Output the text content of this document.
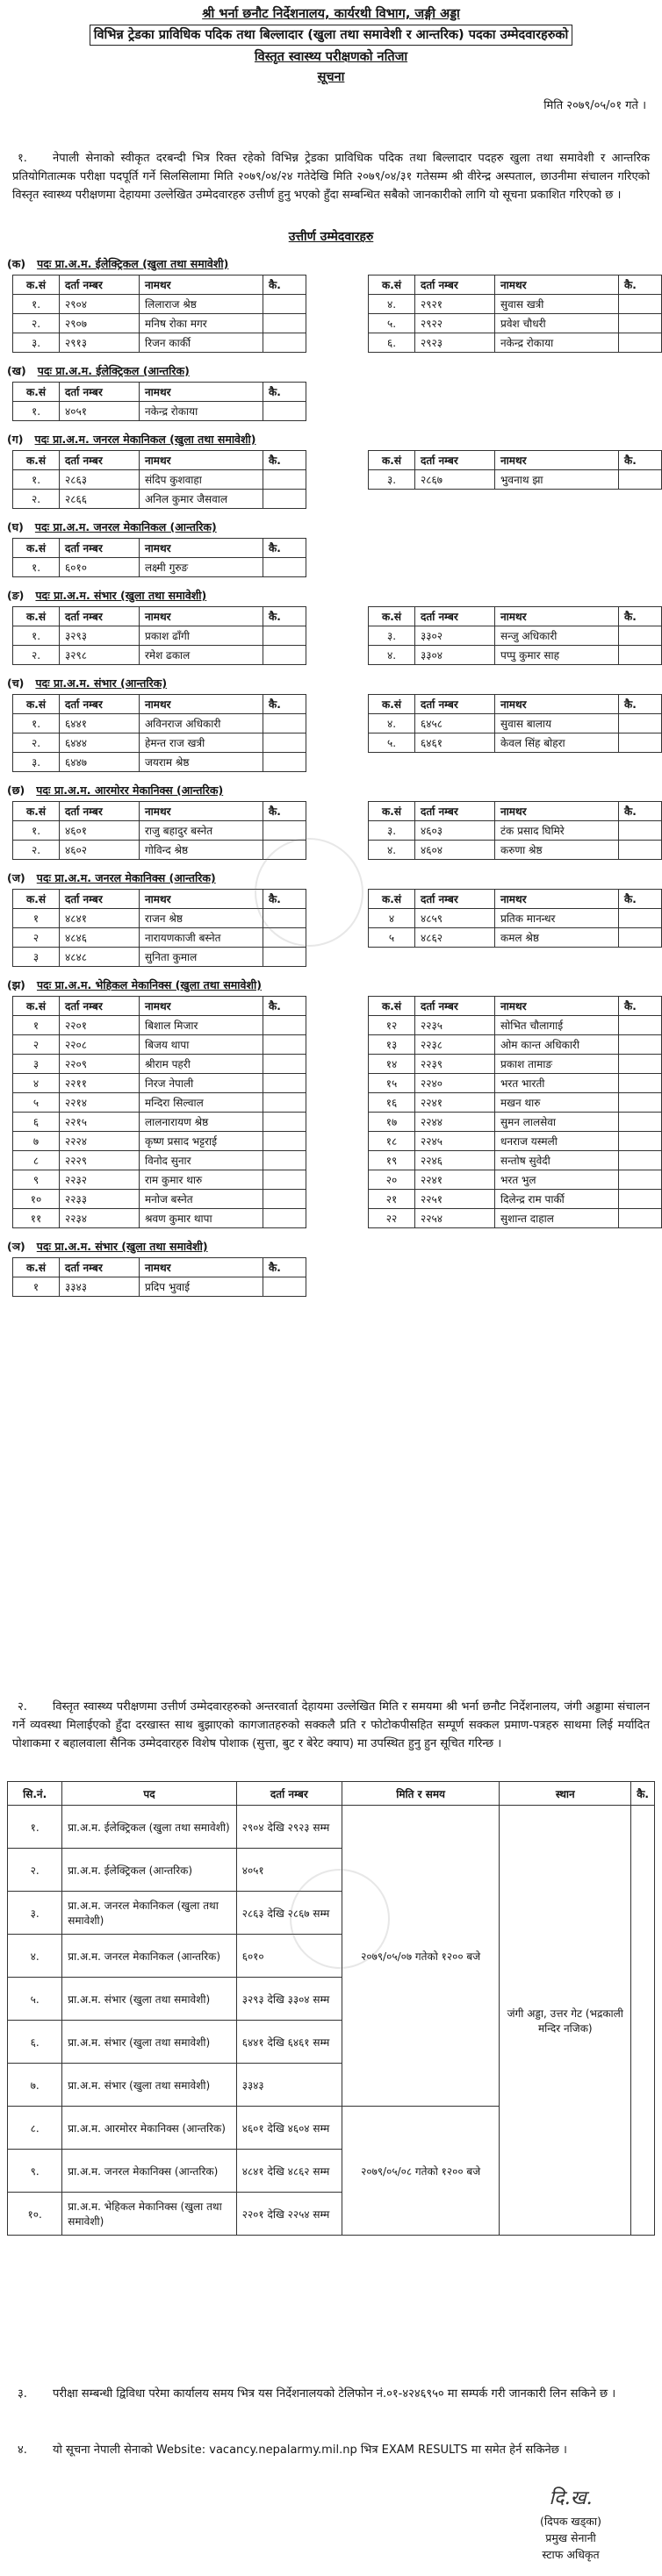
श्री भर्ना छनौट निर्देशनालय, कार्यरथी विभाग, जङ्गी अड्डा
विभिन्न ट्रेडका प्राविधिक पदिक तथा बिल्लादार (खुला तथा समावेशी र आन्तरिक) पदका उम्मेदवारहरुको
विस्तृत स्वास्थ्य परीक्षणको नतिजा
सूचना
मिति २०७९/०५/०१ गते ।

१. नेपाली सेनाको स्वीकृत दरबन्दी भित्र रिक्त रहेको विभिन्न ट्रेडका प्राविधिक पदिक तथा बिल्लादार पदहरु खुला तथा समावेशी र आन्तरिक प्रतियोगितात्मक परीक्षा पदपूर्ति गर्ने सिलसिलामा मिति २०७९/०४/२४ गतेदेखि मिति २०७९/०४/३१ गतेसम्म श्री वीरेन्द्र अस्पताल, छाउनीमा संचालन गरिएको विस्तृत स्वास्थ्य परीक्षणमा देहायमा उल्लेखित उम्मेदवारहरु उत्तीर्ण हुनु भएको हुँदा सम्बन्धित सबैको जानकारीको लागि यो सूचना प्रकाशित गरिएको छ ।

उत्तीर्ण उम्मेदवारहरु
(क) पदः प्रा.अ.म. ईलेक्ट्रिकल (खुला तथा समावेशी)
क.सं	दर्ता नम्बर	नामथर	कै.
१.	२९०४	लिलाराज श्रेष्ठ	
२.	२९०७	मनिष रोका मगर	
३.	२९१३	रिजन कार्की	
क.सं	दर्ता नम्बर	नामथर	कै.
४.	२९२१	सुवास खत्री	
५.	२९२२	प्रवेश चौधरी	
६.	२९२३	नकेन्द्र रोकाया	
(ख) पदः प्रा.अ.म. ईलेक्ट्रिकल (आन्तरिक)
क.सं	दर्ता नम्बर	नामथर	कै.
१.	४०५१	नकेन्द्र रोकाया	
(ग) पदः प्रा.अ.म. जनरल मेकानिकल (खुला तथा समावेशी)
क.सं	दर्ता नम्बर	नामथर	कै.
१.	२८६३	संदिप कुशवाहा	
२.	२८६६	अनिल कुमार जैसवाल	
क.सं	दर्ता नम्बर	नामथर	कै.
३.	२८६७	भुवनाथ झा	
(घ) पदः प्रा.अ.म. जनरल मेकानिकल (आन्तरिक)
क.सं	दर्ता नम्बर	नामथर	कै.
१.	६०१०	लक्ष्मी गुरुङ	
(ङ) पदः प्रा.अ.म. संभार (खुला तथा समावेशी)
क.सं	दर्ता नम्बर	नामथर	कै.
१.	३२९३	प्रकाश ढाँगी	
२.	३२९८	रमेश ढकाल	
क.सं	दर्ता नम्बर	नामथर	कै.
३.	३३०२	सन्जु अधिकारी	
४.	३३०४	पप्पु कुमार साह	
(च) पदः प्रा.अ.म. संभार (आन्तरिक)
क.सं	दर्ता नम्बर	नामथर	कै.
१.	६४४१	अविनराज अधिकारी	
२.	६४४४	हेमन्त राज खत्री	
३.	६४४७	जयराम श्रेष्ठ	
क.सं	दर्ता नम्बर	नामथर	कै.
४.	६४५८	सुवास बालाय	
५.	६४६१	केवल सिंह बोहरा	
(छ) पदः प्रा.अ.म. आरमोरर मेकानिक्स (आन्तरिक)
क.सं	दर्ता नम्बर	नामथर	कै.
१.	४६०१	राजु बहादुर बस्नेत	
२.	४६०२	गोविन्द श्रेष्ठ	
क.सं	दर्ता नम्बर	नामथर	कै.
३.	४६०३	टंक प्रसाद घिमिरे	
४.	४६०४	करुणा श्रेष्ठ	
(ज) पदः प्रा.अ.म. जनरल मेकानिक्स (आन्तरिक)
क.सं	दर्ता नम्बर	नामथर	कै.
१	४८४१	राजन श्रेष्ठ	
२	४८४६	नारायणकाजी बस्नेत	
३	४८४८	सुनिता कुमाल	
क.सं	दर्ता नम्बर	नामथर	कै.
४	४८५९	प्रतिक मानन्धर	
५	४८६२	कमल श्रेष्ठ	
(झ) पदः प्रा.अ.म. भेहिकल मेकानिक्स (खुला तथा समावेशी)
क.सं	दर्ता नम्बर	नामथर	कै.
१	२२०१	बिशाल मिजार	
२	२२०८	बिजय थापा	
३	२२०९	श्रीराम पहरी	
४	२२११	निरज नेपाली	
५	२२१४	मन्दिरा सिल्वाल	
६	२२१५	लालनारायण श्रेष्ठ	
७	२२२४	कृष्ण प्रसाद भट्टराई	
८	२२२९	विनोद सुनार	
९	२२३२	राम कुमार थारु	
१०	२२३३	मनोज बस्नेत	
११	२२३४	श्रवण कुमार थापा	
क.सं	दर्ता नम्बर	नामथर	कै.
१२	२२३५	सोभित चौलागाई	
१३	२२३८	ओम कान्त अधिकारी	
१४	२२३९	प्रकाश तामाङ	
१५	२२४०	भरत भारती	
१६	२२४१	मखन थारु	
१७	२२४४	सुमन लालसेवा	
१८	२२४५	धनराज यस्मली	
१९	२२४६	सन्तोष सुवेदी	
२०	२२४१	भरत भुल	
२१	२२५१	दिलेन्द्र राम पार्की	
२२	२२५४	सुशान्त दाहाल	
(ञ) पदः प्रा.अ.म. संभार (खुला तथा समावेशी)
क.सं	दर्ता नम्बर	नामथर	कै.
१	३३४३	प्रदिप भुवाई	

२. विस्तृत स्वास्थ्य परीक्षणमा उत्तीर्ण उम्मेदवारहरुको अन्तरवार्ता देहायमा उल्लेखित मिति र समयमा श्री भर्ना छनौट निर्देशनालय, जंगी अड्डामा संचालन गर्ने व्यवस्था मिलाईएको हुँदा दरखास्त साथ बुझाएको कागजातहरुको सक्कलै प्रति र फोटोकपीसहित सम्पूर्ण सक्कल प्रमाण-पत्रहरु साथमा लिई मर्यादित पोशाकमा र बहालवाला सैनिक उम्मेदवारहरु विशेष पोशाक (सुत्ता, बुट र बेरेट क्याप) मा उपस्थित हुनु हुन सूचित गरिन्छ ।

सि.नं.	पद	दर्ता नम्बर	मिति र समय	स्थान	कै.
१.	प्रा.अ.म. ईलेक्ट्रिकल (खुला तथा समावेशी)	२९०४ देखि २९२३ सम्म	२०७९/०५/०७ गतेको १२०० बजे	जंगी अड्डा, उत्तर गेट (भद्रकाली मन्दिर नजिक)	
२.	प्रा.अ.म. ईलेक्ट्रिकल (आन्तरिक)	४०५१			
३.	प्रा.अ.म. जनरल मेकानिकल (खुला तथा समावेशी)	२८६३ देखि २८६७ सम्म			
४.	प्रा.अ.म. जनरल मेकानिकल (आन्तरिक)	६०१०			
५.	प्रा.अ.म. संभार (खुला तथा समावेशी)	३२९३ देखि ३३०४ सम्म			
६.	प्रा.अ.म. संभार (खुला तथा समावेशी)	६४४१ देखि ६४६१ सम्म			
७.	प्रा.अ.म. संभार (खुला तथा समावेशी)	३३४३			
८.	प्रा.अ.म. आरमोरर मेकानिक्स (आन्तरिक)	४६०१ देखि ४६०४ सम्म	२०७९/०५/०८ गतेको १२०० बजे		
९.	प्रा.अ.म. जनरल मेकानिक्स (आन्तरिक)	४८४१ देखि ४८६२ सम्म			
१०.	प्रा.अ.म. भेहिकल मेकानिक्स (खुला तथा समावेशी)	२२०१ देखि २२५४ सम्म			

३. परीक्षा सम्बन्धी द्विविधा परेमा कार्यालय समय भित्र यस निर्देशनालयको टेलिफोन नं.०१-४२४६९५० मा सम्पर्क गरी जानकारी लिन सकिने छ ।

४. यो सूचना नेपाली सेनाको Website: vacancy.nepalarmy.mil.np भित्र EXAM RESULTS मा समेत हेर्न सकिनेछ ।

दि.ख.
(दिपक खड्का)
प्रमुख सेनानी
स्टाफ अधिकृत
